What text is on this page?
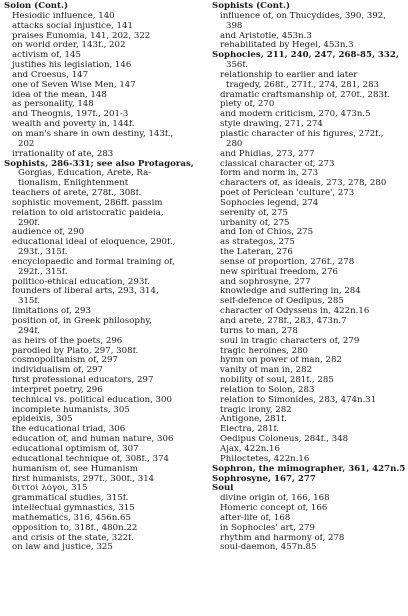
Solon (Cont.)
Hesiodic influence, 140
attacks social injustice, 141
praises Eunomia, 141, 202, 322
on world order, 143f., 202
activism of, 145
justifies his legislation, 146
and Croesus, 147
one of Seven Wise Men, 147
idea of the mean, 148
as personality, 148
and Theognis, 197f., 201-3
wealth and poverty in, 144f.
on man's share in own destiny, 143f.,
202
irrationality of atē, 283
Sophists, 286-331; see also Protagoras,
Gorgias, Education, Aretē, Ra-
tionalism, Enlightenment
teachers of aretē, 278f., 308f.
sophistic movement, 286ff. passim
relation to old aristocratic paideia,
290f.
audience of, 290
educational ideal of eloquence, 290f.,
293f., 315f.
encyclopaedic and formal training of,
292f., 315f.
politico-ethical education, 293f.
founders of liberal arts, 293, 314,
315f.
limitations of, 293
position of, in Greek philosophy,
294f.
as heirs of the poets, 296
parodied by Plato, 297, 308f.
cosmopolitanism of, 297
individualism of, 297
first professional educators, 297
interpret poetry, 296
technical vs. political education, 300
incomplete humanists, 305
epideixis, 305
the educational triad, 306
education of, and human nature, 306
educational optimism of, 307
educational technique of, 308f., 374
humanism of, see Humanism
first humanists, 297f., 300f., 314
διττοὶ λόγοι, 315
grammatical studies, 315f.
intellectual gymnastics, 315
mathematics, 316, 456n.65
opposition to, 318f., 480n.22
and crisis of the state, 322f.
on law and justice, 325
Sophists (Cont.)
influence of, on Thucydides, 390, 392,
398
and Aristotle, 453n.3
rehabilitated by Hegel, 453n.3
Sophocles, 211, 240, 247, 268-85, 332,
356f.
relationship to earlier and later
tragedy, 268f., 271f., 274, 281, 283
dramatic craftsmanship of, 270f., 283f.
piety of, 270
and modern criticism, 270, 473n.5
style drawing, 271, 274
plastic character of his figures, 272f.,
280
and Phidias, 273, 277
classical character of, 273
form and norm in, 273
characters of, as ideals, 273, 278, 280
poet of Periclean 'culture', 273
Sophocles legend, 274
serenity of, 275
urbanity of, 275
and Ion of Chios, 275
as strategos, 275
the Lateran, 276
sense of proportion, 276f., 278
new spiritual freedom, 276
and sophrosyne, 277
knowledge and suffering in, 284
self-defence of Oedipus, 285
character of Odysseus in, 422n.16
and aretē, 278f., 283, 473n.7
turns to man, 278
soul in tragic characters of, 279
tragic heroines, 280
hymn on power of man, 282
vanity of man in, 282
nobility of soul, 281f., 285
relation to Solon, 283
relation to Simonides, 283, 474n.31
tragic irony, 282
Antigone, 281f.
Electra, 281f.
Oedipus Coloneus, 284f., 348
Ajax, 422n.16
Philoctetes, 422n.16
Sophron, the mimographer, 361, 427n.5
Sophrosyne, 167, 277
Soul
divine origin of, 166, 168
Homeric concept of, 166
after-life of, 168
in Sophocles' art, 279
rhythm and harmony of, 278
soul-daemon, 457n.85
